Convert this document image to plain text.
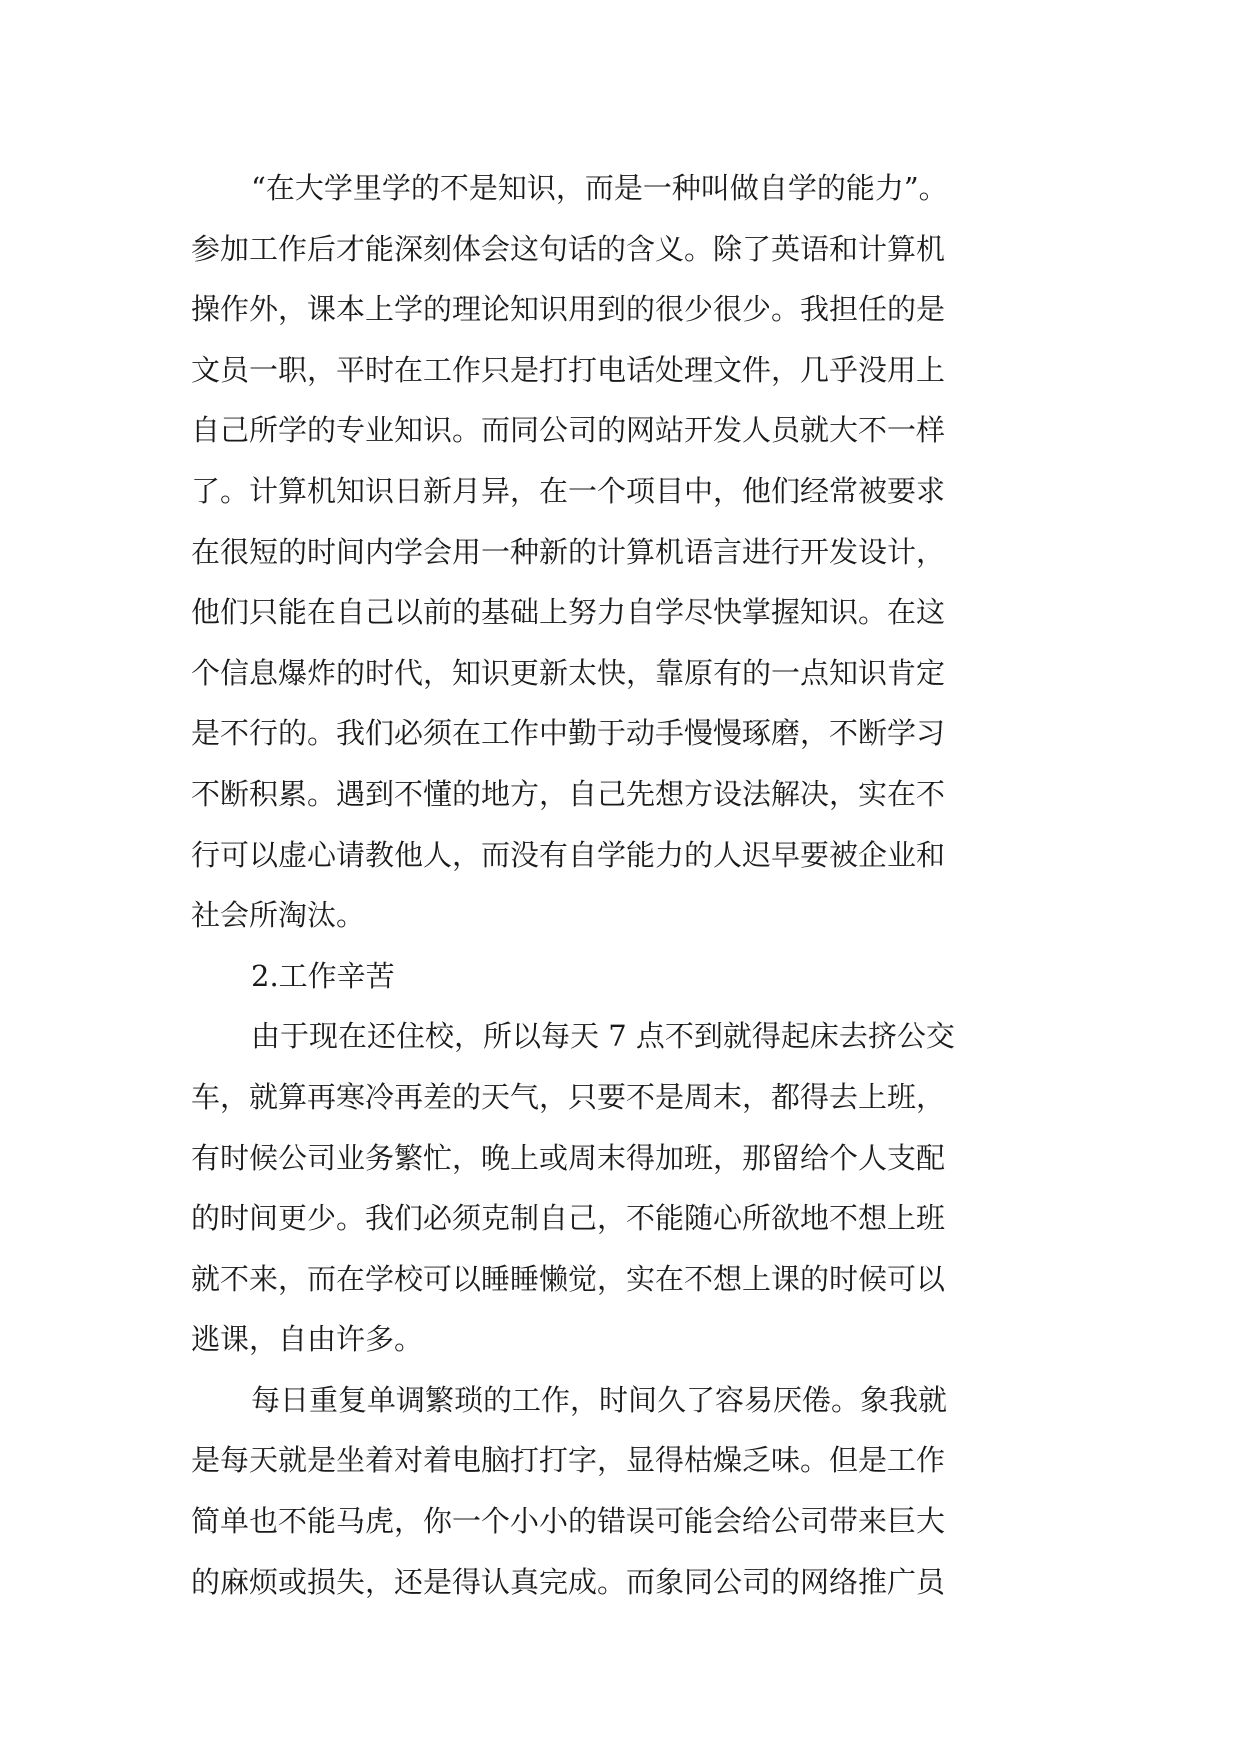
“在大学里学的不是知识，而是一种叫做自学的能力”。
参加工作后才能深刻体会这句话的含义。除了英语和计算机
操作外，课本上学的理论知识用到的很少很少。我担任的是
文员一职，平时在工作只是打打电话处理文件，几乎没用上
自己所学的专业知识。而同公司的网站开发人员就大不一样
了。计算机知识日新月异，在一个项目中，他们经常被要求
在很短的时间内学会用一种新的计算机语言进行开发设计，
他们只能在自己以前的基础上努力自学尽快掌握知识。在这
个信息爆炸的时代，知识更新太快，靠原有的一点知识肯定
是不行的。我们必须在工作中勤于动手慢慢琢磨，不断学习
不断积累。遇到不懂的地方，自己先想方设法解决，实在不
行可以虚心请教他人，而没有自学能力的人迟早要被企业和
社会所淘汰。
2.工作辛苦
由于现在还住校，所以每天 7 点不到就得起床去挤公交
车，就算再寒冷再差的天气，只要不是周末，都得去上班，
有时候公司业务繁忙，晚上或周末得加班，那留给个人支配
的时间更少。我们必须克制自己，不能随心所欲地不想上班
就不来，而在学校可以睡睡懒觉，实在不想上课的时候可以
逃课，自由许多。
每日重复单调繁琐的工作，时间久了容易厌倦。象我就
是每天就是坐着对着电脑打打字，显得枯燥乏味。但是工作
简单也不能马虎，你一个小小的错误可能会给公司带来巨大
的麻烦或损失，还是得认真完成。而象同公司的网络推广员
